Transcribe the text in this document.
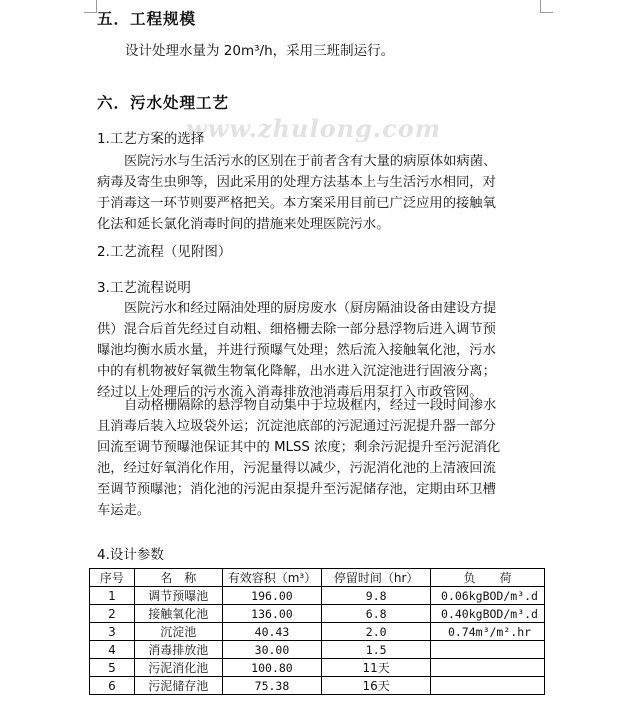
www.zhulong.com
五．工程规模
设计处理水量为 20m³/h，采用三班制运行。
六．污水处理工艺
1.工艺方案的选择
医院污水与生活污水的区别在于前者含有大量的病原体如病菌、
病毒及寄生虫卵等，因此采用的处理方法基本上与生活污水相同，对
于消毒这一环节则要严格把关。本方案采用目前已广泛应用的接触氧
化法和延长氯化消毒时间的措施来处理医院污水。
2.工艺流程（见附图）
3.工艺流程说明
医院污水和经过隔油处理的厨房废水（厨房隔油设备由建设方提
供）混合后首先经过自动粗、细格栅去除一部分悬浮物后进入调节预
曝池均衡水质水量，并进行预曝气处理；然后流入接触氧化池，污水
中的有机物被好氧微生物氧化降解，出水进入沉淀池进行固液分离；
经过以上处理后的污水流入消毒排放池消毒后用泵打入市政管网。
自动格栅隔除的悬浮物自动集中于垃圾框内，经过一段时间渗水
且消毒后装入垃圾袋外运；沉淀池底部的污泥通过污泥提升器一部分
回流至调节预曝池保证其中的 MLSS 浓度；剩余污泥提升至污泥消化
池，经过好氧消化作用，污泥量得以减少，污泥消化池的上清液回流
至调节预曝池；消化池的污泥由泵提升至污泥储存池，定期由环卫槽
车运走。
4.设计参数
序号	名　称	有效容积（m³）	停留时间（hr）	负　　荷
1	调节预曝池	196.00	9.8	0.06kgBOD/m³.d
2	接触氧化池	136.00	6.8	0.40kgBOD/m³.d
3	沉淀池	40.43	2.0	0.74m³/m².hr
4	消毒排放池	30.00	1.5	
5	污泥消化池	100.80	11天	
6	污泥储存池	75.38	16天	
